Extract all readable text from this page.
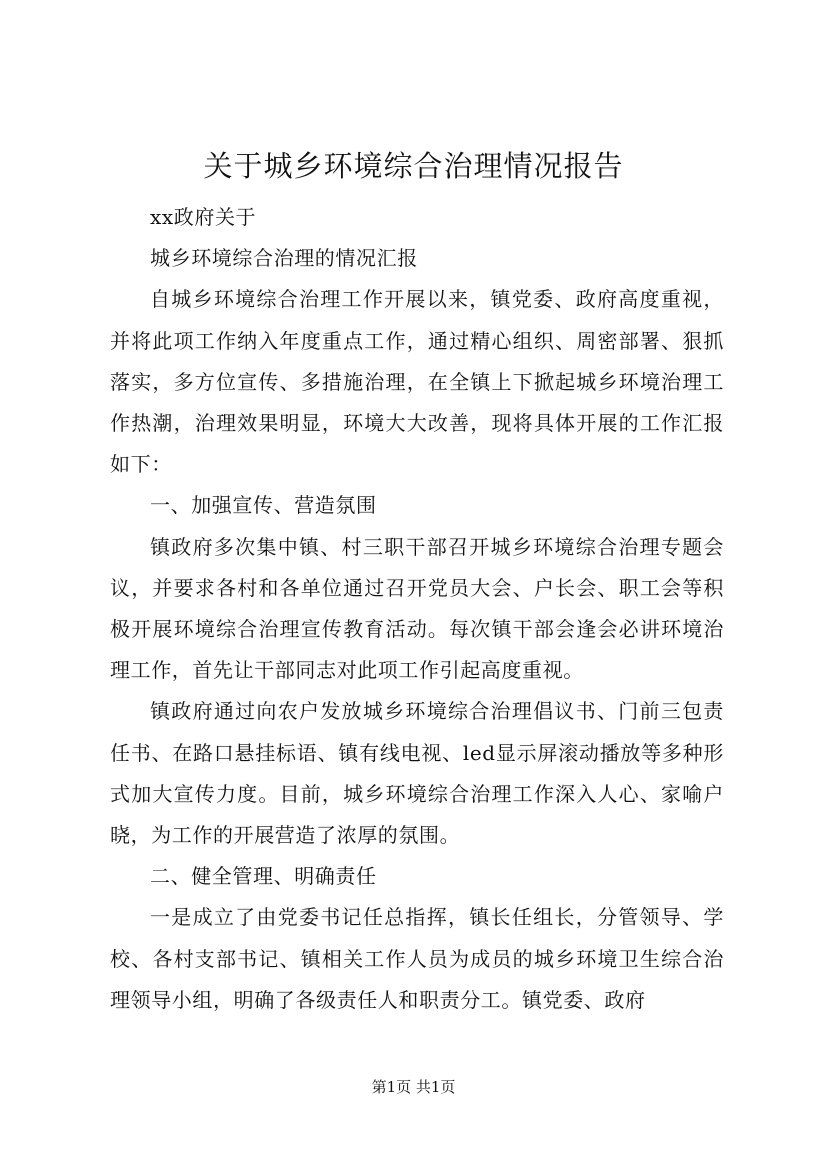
关于城乡环境综合治理情况报告

xx政府关于

城乡环境综合治理的情况汇报

自城乡环境综合治理工作开展以来，镇党委、政府高度重视，并将此项工作纳入年度重点工作，通过精心组织、周密部署、狠抓落实，多方位宣传、多措施治理，在全镇上下掀起城乡环境治理工作热潮，治理效果明显，环境大大改善，现将具体开展的工作汇报如下：

一、加强宣传、营造氛围

镇政府多次集中镇、村三职干部召开城乡环境综合治理专题会议，并要求各村和各单位通过召开党员大会、户长会、职工会等积极开展环境综合治理宣传教育活动。每次镇干部会逢会必讲环境治理工作，首先让干部同志对此项工作引起高度重视。

镇政府通过向农户发放城乡环境综合治理倡议书、门前三包责任书、在路口悬挂标语、镇有线电视、led显示屏滚动播放等多种形式加大宣传力度。目前，城乡环境综合治理工作深入人心、家喻户晓，为工作的开展营造了浓厚的氛围。

二、健全管理、明确责任

一是成立了由党委书记任总指挥，镇长任组长，分管领导、学校、各村支部书记、镇相关工作人员为成员的城乡环境卫生综合治理领导小组，明确了各级责任人和职责分工。镇党委、政府

第1页 共1页
